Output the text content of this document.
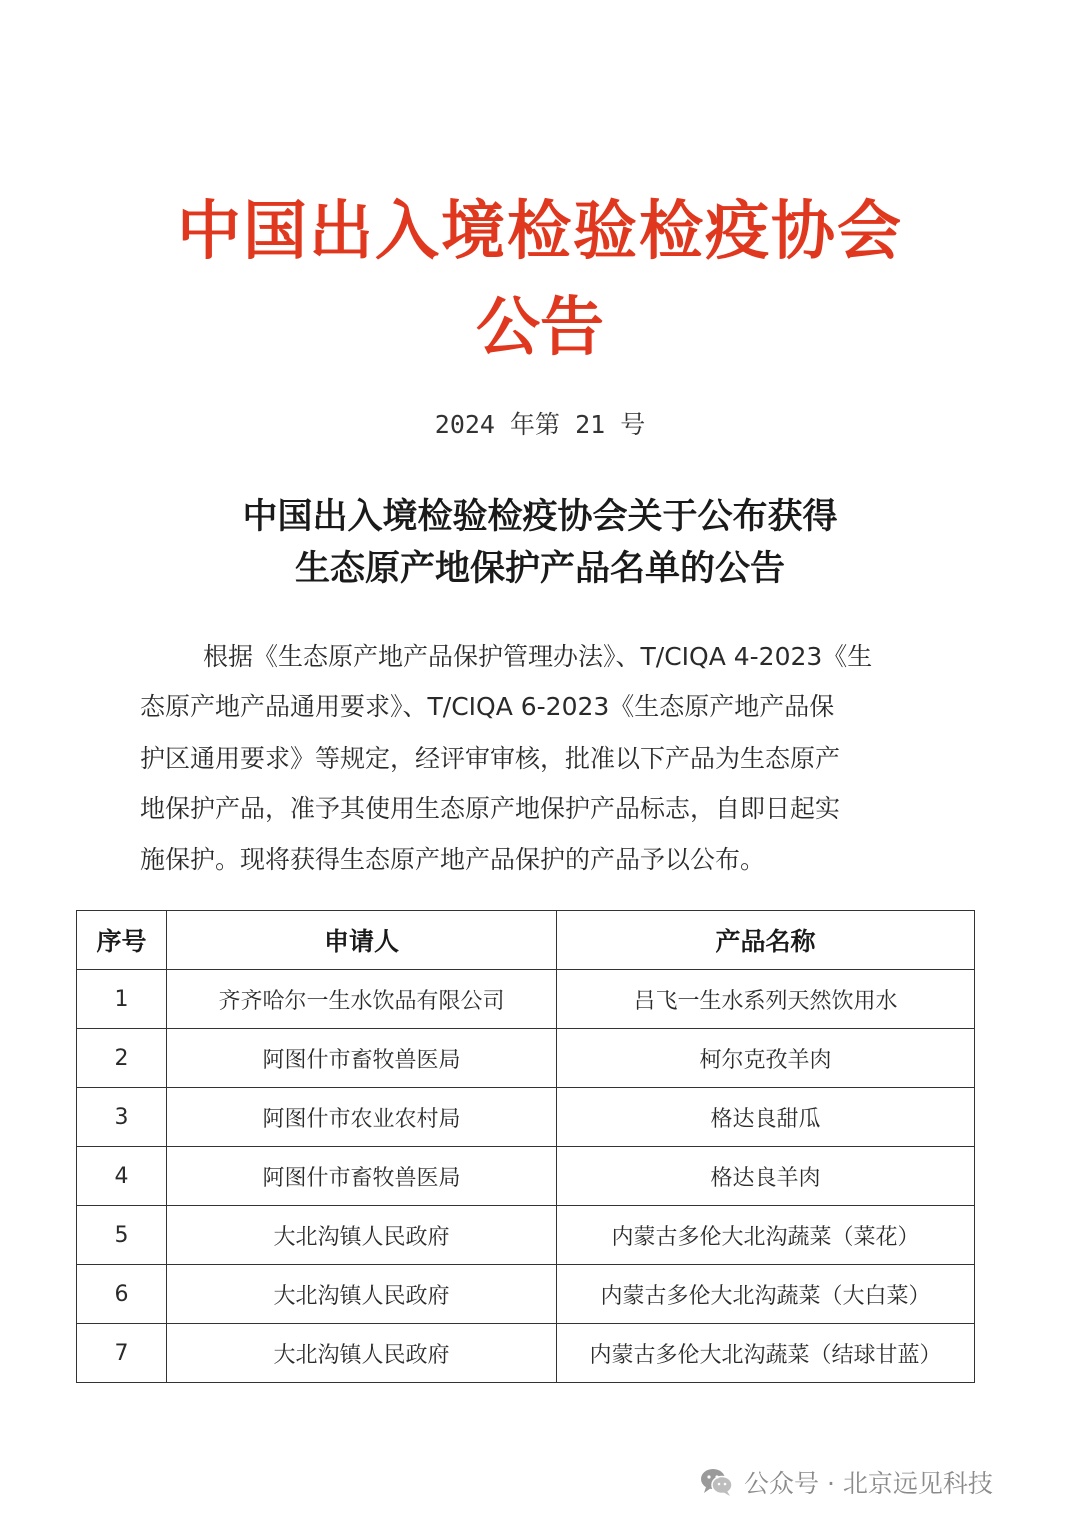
中国出入境检验检疫协会
公告
2024 年第 21 号
中国出入境检验检疫协会关于公布获得
生态原产地保护产品名单的公告
根据《生态原产地产品保护管理办法》、T/CIQA 4-2023《生
态原产地产品通用要求》、T/CIQA 6-2023《生态原产地产品保
护区通用要求》等规定，经评审审核，批准以下产品为生态原产
地保护产品，准予其使用生态原产地保护产品标志，自即日起实
施保护。现将获得生态原产地产品保护的产品予以公布。
序号	申请人	产品名称
1	齐齐哈尔一生水饮品有限公司	吕飞一生水系列天然饮用水
2	阿图什市畜牧兽医局	柯尔克孜羊肉
3	阿图什市农业农村局	格达良甜瓜
4	阿图什市畜牧兽医局	格达良羊肉
5	大北沟镇人民政府	内蒙古多伦大北沟蔬菜（菜花）
6	大北沟镇人民政府	内蒙古多伦大北沟蔬菜（大白菜）
7	大北沟镇人民政府	内蒙古多伦大北沟蔬菜（结球甘蓝）
公众号 · 北京远见科技
